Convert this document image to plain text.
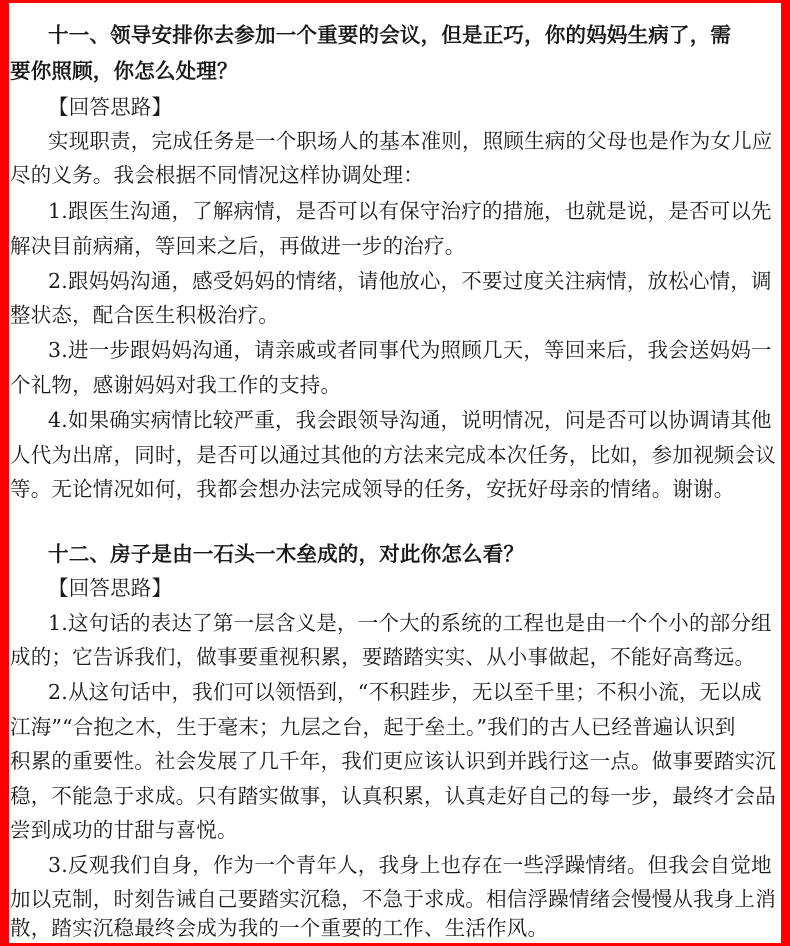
十一、领导安排你去参加一个重要的会议，但是正巧，你的妈妈生病了，需
要你照顾，你怎么处理？
【回答思路】
实现职责，完成任务是一个职场人的基本准则，照顾生病的父母也是作为女儿应
尽的义务。我会根据不同情况这样协调处理：
1.跟医生沟通，了解病情，是否可以有保守治疗的措施，也就是说，是否可以先
解决目前病痛，等回来之后，再做进一步的治疗。
2.跟妈妈沟通，感受妈妈的情绪，请他放心，不要过度关注病情，放松心情，调
整状态，配合医生积极治疗。
3.进一步跟妈妈沟通，请亲戚或者同事代为照顾几天，等回来后，我会送妈妈一
个礼物，感谢妈妈对我工作的支持。
4.如果确实病情比较严重，我会跟领导沟通，说明情况，问是否可以协调请其他
人代为出席，同时，是否可以通过其他的方法来完成本次任务，比如，参加视频会议
等。无论情况如何，我都会想办法完成领导的任务，安抚好母亲的情绪。谢谢。
十二、房子是由一石头一木垒成的，对此你怎么看？
【回答思路】
1.这句话的表达了第一层含义是，一个大的系统的工程也是由一个个小的部分组
成的；它告诉我们，做事要重视积累，要踏踏实实、从小事做起，不能好高骛远。
2.从这句话中，我们可以领悟到，“不积跬步，无以至千里；不积小流，无以成
江海”“合抱之木，生于毫末；九层之台，起于垒土。”我们的古人已经普遍认识到
积累的重要性。社会发展了几千年，我们更应该认识到并践行这一点。做事要踏实沉
稳，不能急于求成。只有踏实做事，认真积累，认真走好自己的每一步，最终才会品
尝到成功的甘甜与喜悦。
3.反观我们自身，作为一个青年人，我身上也存在一些浮躁情绪。但我会自觉地
加以克制，时刻告诫自己要踏实沉稳，不急于求成。相信浮躁情绪会慢慢从我身上消
散，踏实沉稳最终会成为我的一个重要的工作、生活作风。
